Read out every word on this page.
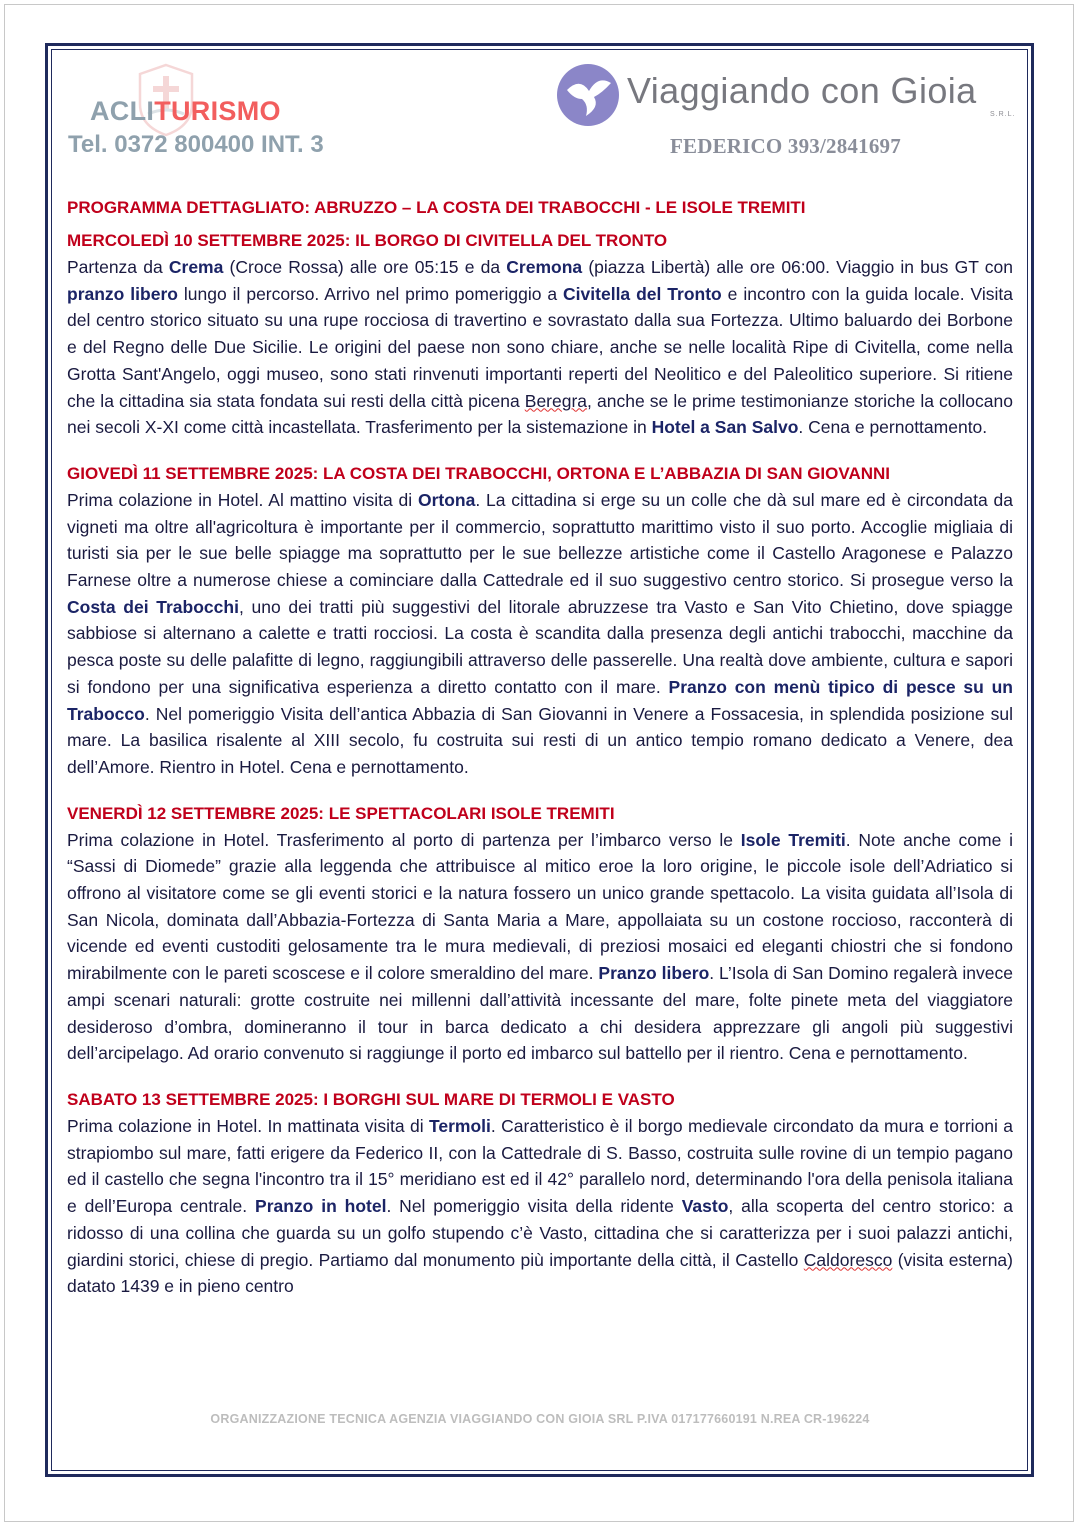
ACLITURISMO
Tel. 0372 800400 INT. 3
Viaggiando con Gioia
S.R.L.
FEDERICO 393/2841697

PROGRAMMA DETTAGLIATO: ABRUZZO – LA COSTA DEI TRABOCCHI - LE ISOLE TREMITI

MERCOLEDÌ 10 SETTEMBRE 2025: IL BORGO DI CIVITELLA DEL TRONTO

Partenza da Crema (Croce Rossa) alle ore 05:15 e da Cremona (piazza Libertà) alle ore 06:00. Viaggio in bus GT con pranzo libero lungo il percorso. Arrivo nel primo pomeriggio a Civitella del Tronto e incontro con la guida locale. Visita del centro storico situato su una rupe rocciosa di travertino e sovrastato dalla sua Fortezza. Ultimo baluardo dei Borbone e del Regno delle Due Sicilie. Le origini del paese non sono chiare, anche se nelle località Ripe di Civitella, come nella Grotta Sant'Angelo, oggi museo, sono stati rinvenuti importanti reperti del Neolitico e del Paleolitico superiore. Si ritiene che la cittadina sia stata fondata sui resti della città picena Beregra, anche se le prime testimonianze storiche la collocano nei secoli X-XI come città incastellata. Trasferimento per la sistemazione in Hotel a San Salvo. Cena e pernottamento.

GIOVEDÌ 11 SETTEMBRE 2025: LA COSTA DEI TRABOCCHI, ORTONA E L’ABBAZIA DI SAN GIOVANNI

Prima colazione in Hotel. Al mattino visita di Ortona. La cittadina si erge su un colle che dà sul mare ed è circondata da vigneti ma oltre all'agricoltura è importante per il commercio, soprattutto marittimo visto il suo porto. Accoglie migliaia di turisti sia per le sue belle spiagge ma soprattutto per le sue bellezze artistiche come il Castello Aragonese e Palazzo Farnese oltre a numerose chiese a cominciare dalla Cattedrale ed il suo suggestivo centro storico. Si prosegue verso la Costa dei Trabocchi, uno dei tratti più suggestivi del litorale abruzzese tra Vasto e San Vito Chietino, dove spiagge sabbiose si alternano a calette e tratti rocciosi. La costa è scandita dalla presenza degli antichi trabocchi, macchine da pesca poste su delle palafitte di legno, raggiungibili attraverso delle passerelle. Una realtà dove ambiente, cultura e sapori si fondono per una significativa esperienza a diretto contatto con il mare. Pranzo con menù tipico di pesce su un Trabocco. Nel pomeriggio Visita dell’antica Abbazia di San Giovanni in Venere a Fossacesia, in splendida posizione sul mare. La basilica risalente al XIII secolo, fu costruita sui resti di un antico tempio romano dedicato a Venere, dea dell’Amore. Rientro in Hotel. Cena e pernottamento.

VENERDÌ 12 SETTEMBRE 2025: LE SPETTACOLARI ISOLE TREMITI

Prima colazione in Hotel. Trasferimento al porto di partenza per l’imbarco verso le Isole Tremiti. Note anche come i “Sassi di Diomede” grazie alla leggenda che attribuisce al mitico eroe la loro origine, le piccole isole dell’Adriatico si offrono al visitatore come se gli eventi storici e la natura fossero un unico grande spettacolo. La visita guidata all’Isola di San Nicola, dominata dall’Abbazia-Fortezza di Santa Maria a Mare, appollaiata su un costone roccioso, racconterà di vicende ed eventi custoditi gelosamente tra le mura medievali, di preziosi mosaici ed eleganti chiostri che si fondono mirabilmente con le pareti scoscese e il colore smeraldino del mare. Pranzo libero. L’Isola di San Domino regalerà invece ampi scenari naturali: grotte costruite nei millenni dall’attività incessante del mare, folte pinete meta del viaggiatore desideroso d’ombra, domineranno il tour in barca dedicato a chi desidera apprezzare gli angoli più suggestivi dell’arcipelago. Ad orario convenuto si raggiunge il porto ed imbarco sul battello per il rientro. Cena e pernottamento.

SABATO 13 SETTEMBRE 2025: I BORGHI SUL MARE DI TERMOLI E VASTO

Prima colazione in Hotel. In mattinata visita di Termoli. Caratteristico è il borgo medievale circondato da mura e torrioni a strapiombo sul mare, fatti erigere da Federico II, con la Cattedrale di S. Basso, costruita sulle rovine di un tempio pagano ed il castello che segna l'incontro tra il 15° meridiano est ed il 42° parallelo nord, determinando l'ora della penisola italiana e dell’Europa centrale. Pranzo in hotel. Nel pomeriggio visita della ridente Vasto, alla scoperta del centro storico: a ridosso di una collina che guarda su un golfo stupendo c’è Vasto, cittadina che si caratterizza per i suoi palazzi antichi, giardini storici, chiese di pregio. Partiamo dal monumento più importante della città, il Castello Caldoresco (visita esterna) datato 1439 e in pieno centro

ORGANIZZAZIONE TECNICA AGENZIA VIAGGIANDO CON GIOIA SRL P.IVA 017177660191 N.REA CR-196224
